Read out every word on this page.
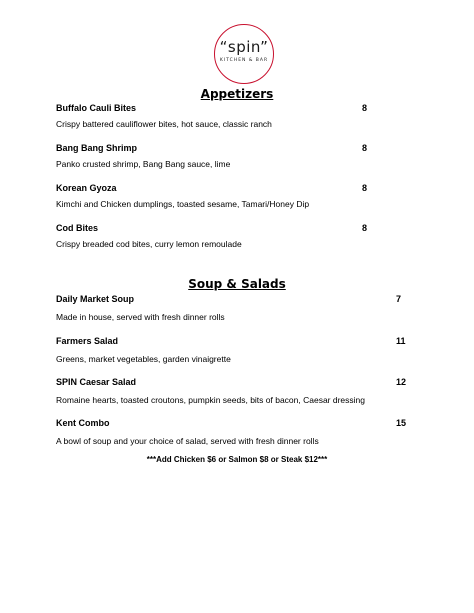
“spin”
KITCHEN & BAR
Appetizers
Buffalo Cauli Bites
Crispy battered cauliflower bites, hot sauce, classic ranch
8
Bang Bang Shrimp
Panko crusted shrimp, Bang Bang sauce, lime
8
Korean Gyoza
Kimchi and Chicken dumplings, toasted sesame, Tamari/Honey Dip
8
Cod Bites
Crispy breaded cod bites, curry lemon remoulade
8
Soup & Salads
Daily Market Soup
Made in house, served with fresh dinner rolls
7
Farmers Salad
Greens, market vegetables, garden vinaigrette
11
SPIN Caesar Salad
Romaine hearts, toasted croutons, pumpkin seeds, bits of bacon, Caesar dressing
12
Kent Combo
A bowl of soup and your choice of salad, served with fresh dinner rolls
15
***Add Chicken $6 or Salmon $8 or Steak $12***
